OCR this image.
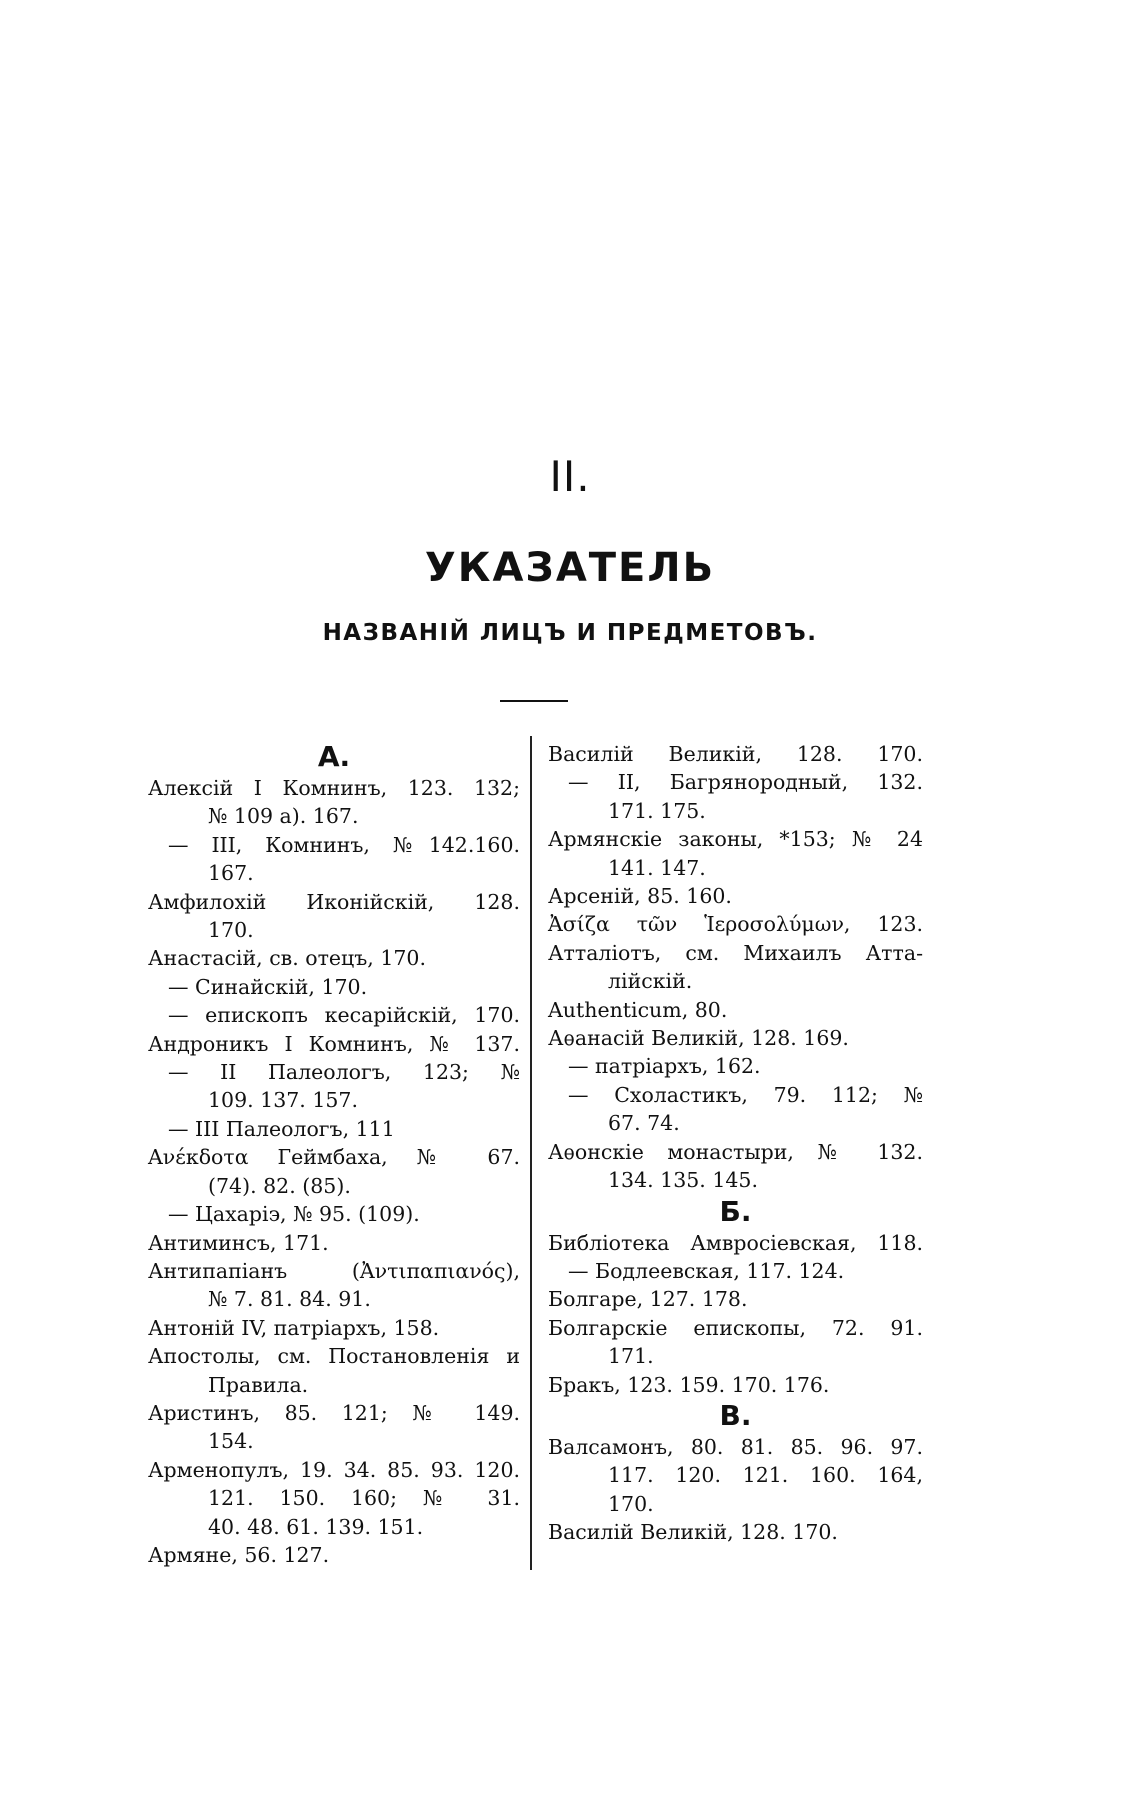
II.
УКАЗАТЕЛЬ
НАЗВАНІЙ ЛИЦЪ И ПРЕДМЕТОВЪ.
А.
Алексій I Комнинъ, 123. 132;
№ 109 а). 167.
— III, Комнинъ, №142.160.
167.
Амфилохій Иконійскій, 128.
170.
Анастасій, св. отецъ, 170.
— Синайскій, 170.
— епископъ кесарійскій, 170.
Андроникъ I Комнинъ, № 137.
— II Палеологъ, 123; №
109. 137. 157.
— III Палеологъ, 111
Ανέκδοτα Геймбаха, № 67.
(74). 82. (85).
— Цахаріэ, № 95. (109).
Антиминсъ, 171.
Антипапіанъ (Ἀντιπαπιανός),
№ 7. 81. 84. 91.
Антоній IV, патріархъ, 158.
Апостолы, см. Постановленія и
Правила.
Аристинъ, 85. 121; № 149.
154.
Арменопулъ, 19. 34. 85. 93. 120.
121. 150. 160; № 31.
40. 48. 61. 139. 151.
Армяне, 56. 127.
Василій Великій, 128. 170.
— II, Багрянородный, 132.
171. 175.
Армянскіе законы, *153; № 24
141. 147.
Арсеній, 85. 160.
Ἀσίζα τῶν Ἱεροσολύμων, 123.
Атталіотъ, см. Михаилъ Атта-
лійскій.
Authenticum, 80.
Аѳанасій Великій, 128. 169.
— патріархъ, 162.
— Схоластикъ, 79. 112; №
67. 74.
Аѳонскіе монастыри, № 132.
134. 135. 145.
Б.
Библіотека Амвросіевская, 118.
— Бодлеевская, 117. 124.
Болгаре, 127. 178.
Болгарскіе епископы, 72. 91.
171.
Бракъ, 123. 159. 170. 176.
В.
Валсамонъ, 80. 81. 85. 96. 97.
117. 120. 121. 160. 164,
170.
Василій Великій, 128. 170.
